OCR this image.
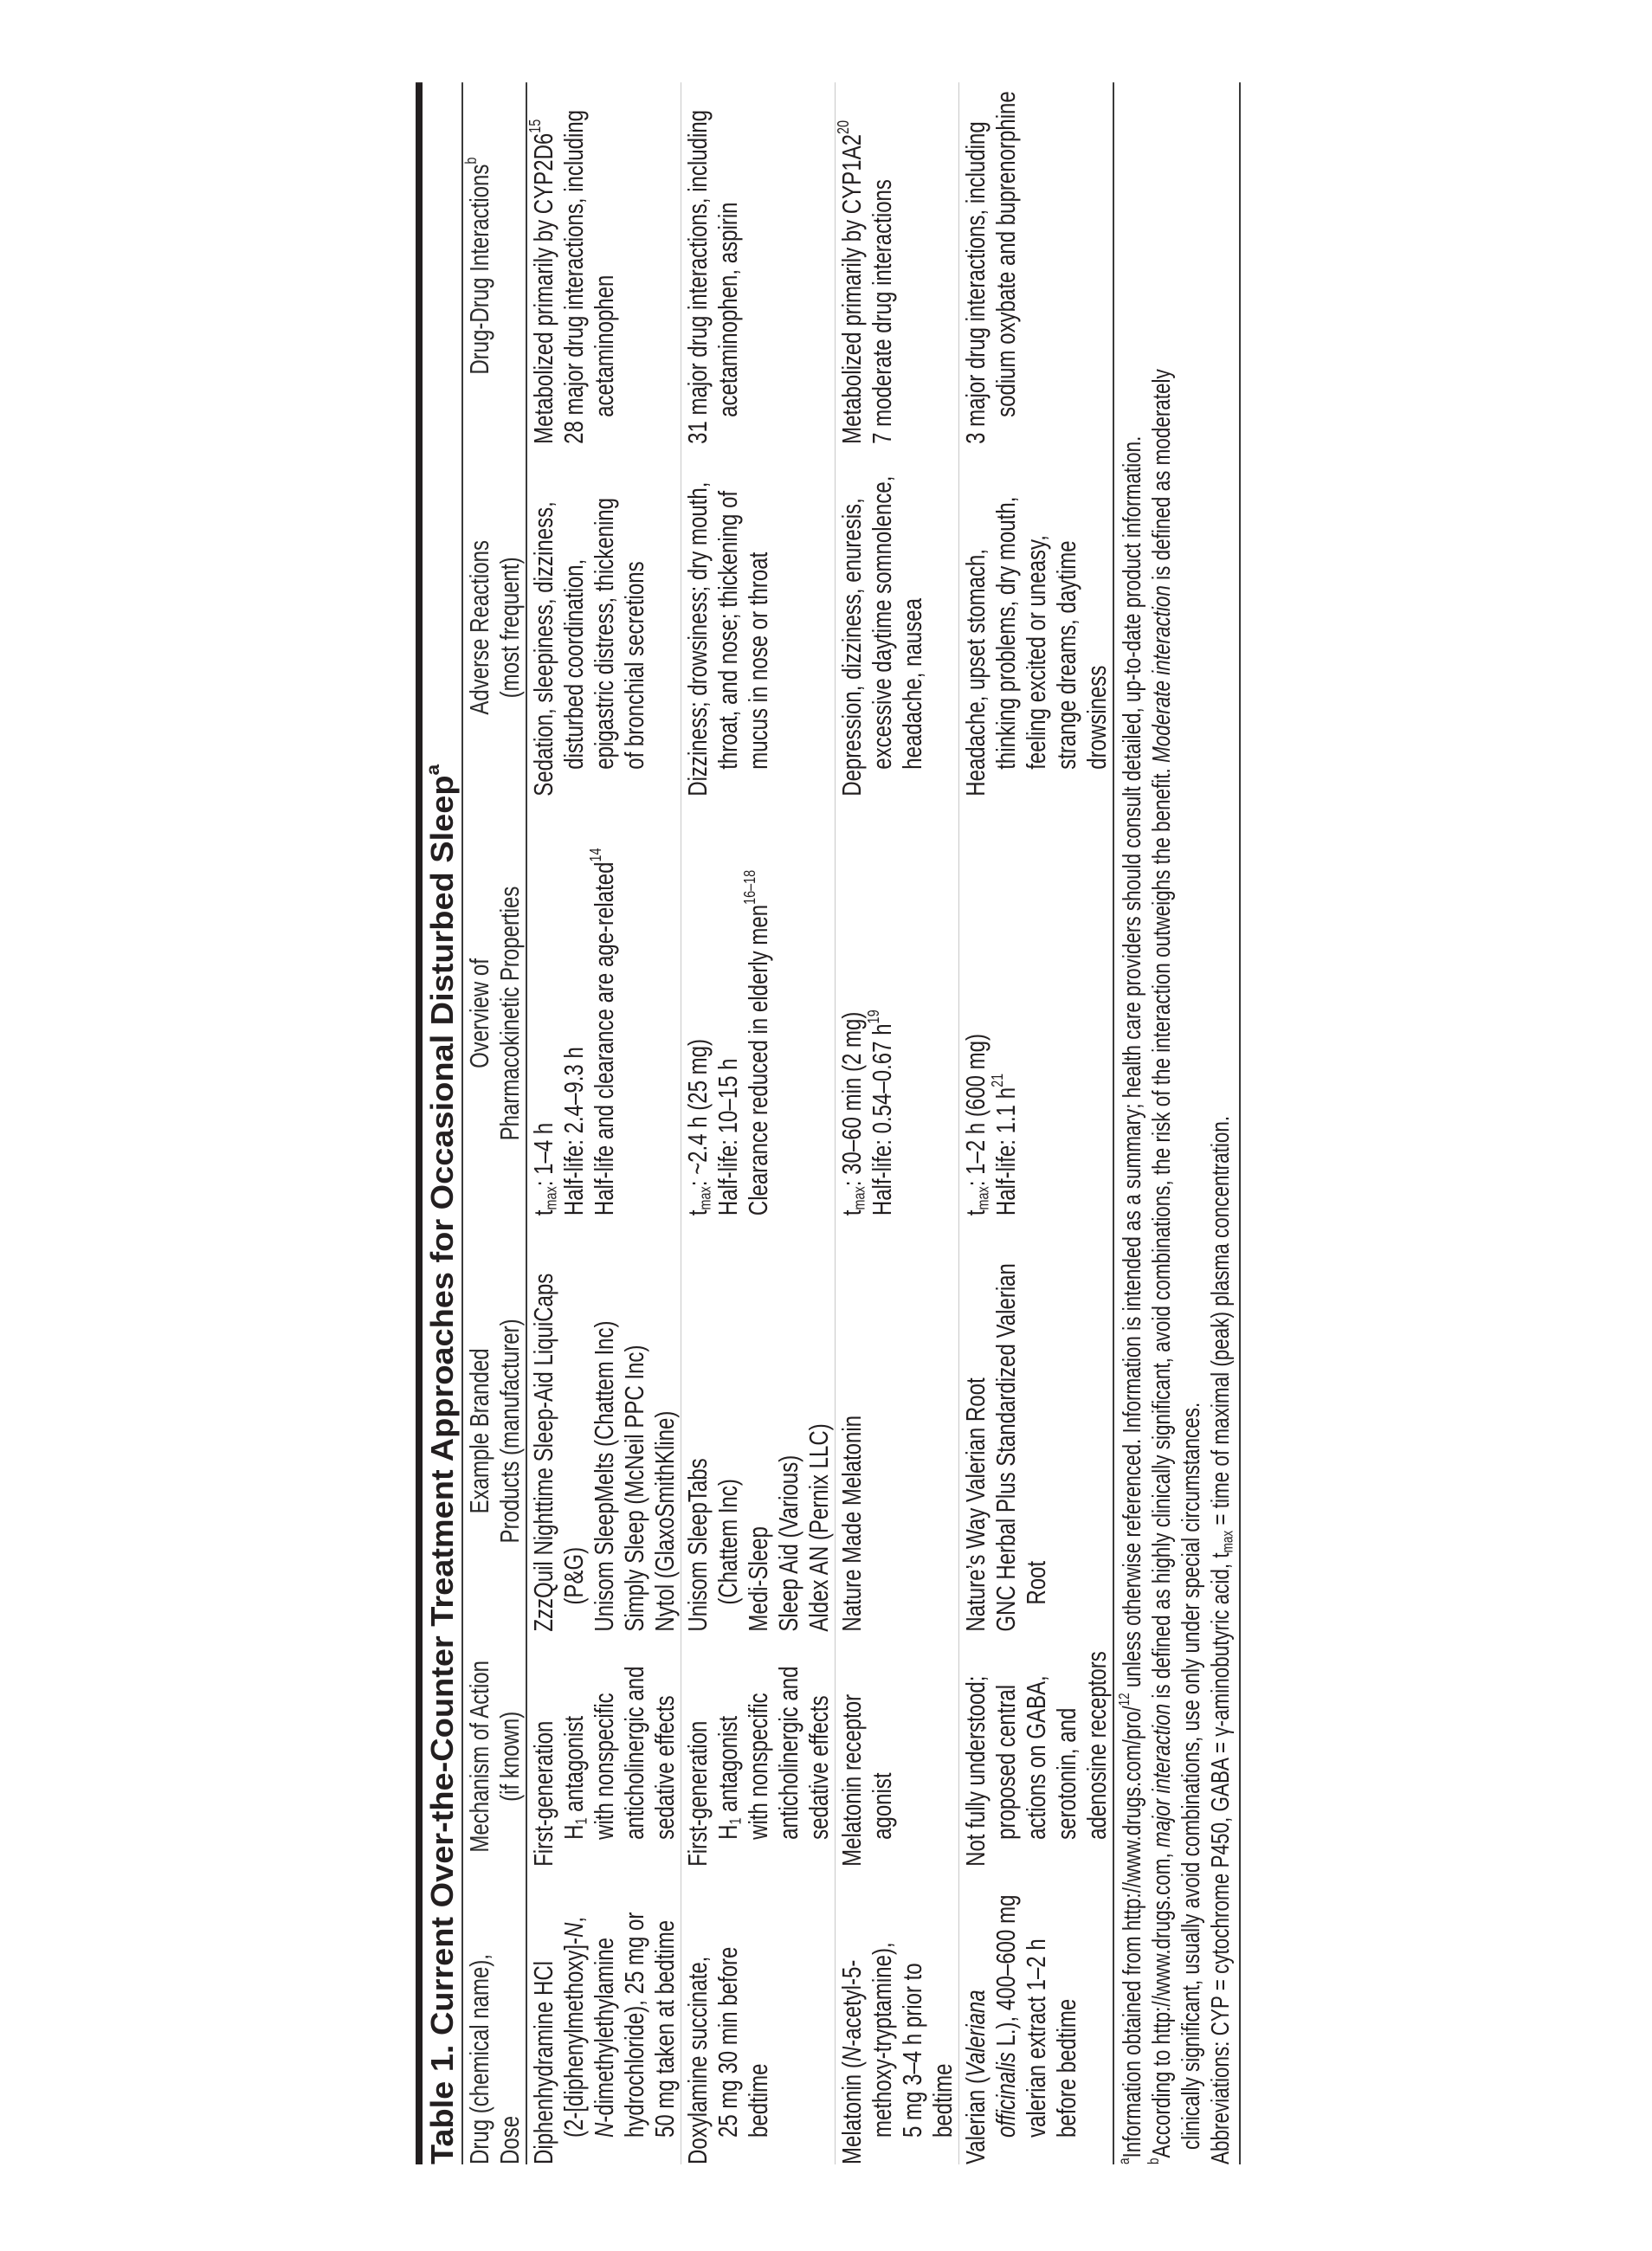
Table 1. Current Over-the-Counter Treatment Approaches for Occasional Disturbed Sleep$^a$
Drug (chemical name), Dose
Mechanism of Action (if known)
Example Branded Products (manufacturer)
Overview of Pharmacokinetic Properties
Adverse Reactions (most frequent)
Drug-Drug Interactions$^b$
Diphenhydramine HCl (2-[diphenylmethoxy]-N,
N-dimethylethylamine hydrochloride), 25 mg or 50 mg taken at bedtime
First-generation $H_1$ antagonist with nonspecific anticholinergic and sedative effects
ZzzQuil Nighttime Sleep-Aid LiquiCaps (P&G) Unisom SleepMelts (Chattem Inc) Simply Sleep (McNeil PPC Inc) Nytol (GlaxoSmithKline)
$t_{max}$: 1–4 h Half-life: 2.4–9.3 h Half-life and clearance are age-related$^{14}$
Sedation, sleepiness, dizziness, disturbed coordination, epigastric distress, thickening of bronchial secretions
Metabolized primarily by $CYP2D6^{15}$ 28 major drug interactions, including acetaminophen
Doxylamine succinate, 25 mg 30 min before bedtime
First-generation $H_1$ antagonist with nonspecific anticholinergic and sedative effects
Unisom SleepTabs (Chattem Inc) Medi-Sleep Sleep Aid (Various) Aldex AN (Pernix LLC)
$t_{max}$: ~2.4 h (25 mg) Half-life: 10–15 h Clearance reduced in elderly men$^{16-18}$
Dizziness; drowsiness; dry mouth, throat, and nose; thickening of mucus in nose or throat
31 major drug interactions, including acetaminophen, aspirin
Melatonin (N-acetyl-5- methoxy-tryptamine), 5 mg 3–4 h prior to bedtime
Melatonin receptor agonist
Nature Made Melatonin
$t_{max}$: 30–60 min (2 mg) Half-life: 0.54–0.67 $h^{19}$
Depression, dizziness, enuresis, excessive daytime somnolence, headache, nausea
Metabolized primarily by $CYP1A2^{20}$
7 moderate drug interactions
Valerian (Valeriana
officinalis L.), 400–600 mg valerian extract 1–2 h before bedtime
Not fully understood; proposed central actions on GABA, serotonin, and adenosine receptors
Nature’s Way Valerian Root GNC Herbal Plus Standardized Valerian Root
$t_{max}$: 1–2 h (600 mg) Half-life: 1.1 $h^{21}$
Headache, upset stomach, thinking problems, dry mouth, feeling excited or uneasy, strange dreams, daytime drowsiness
3 major drug interactions, including sodium oxybate and buprenorphine
$^a$Information obtained from http://www.drugs.com/pro/$^{12}$ unless otherwise referenced. Information is intended as a summary; health care providers should consult detailed, up-to-date product information.
$^b$According to http://www.drugs.com, major interaction is defined as highly clinically significant, avoid combinations, the risk of the interaction outweighs the benefit. Moderate interaction is defined as moderately
clinically significant, usually avoid combinations, use only under special circumstances. Abbreviations: CYP = cytochrome P450, GABA = γ-aminobutyric acid, $t_{max}$ = time of maximal (peak) plasma concentration.
